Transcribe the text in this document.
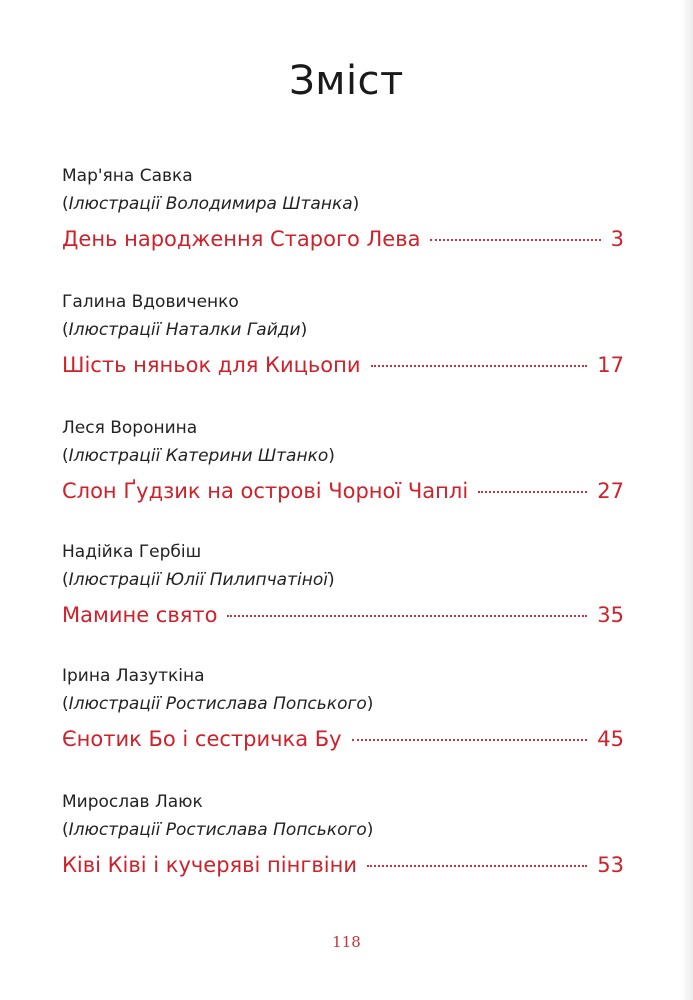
Зміст
Мар'яна Савка
(Ілюстрації Володимира Штанка)
День народження Старого Лева	3
Галина Вдовиченко
(Ілюстрації Наталки Гайди)
Шість няньок для Кицьопи	17
Леся Воронина
(Ілюстрації Катерини Штанко)
Слон Ґудзик на острові Чорної Чаплі	27
Надійка Гербіш
(Ілюстрації Юлії Пилипчатіної)
Мамине свято	35
Ірина Лазуткіна
(Ілюстрації Ростислава Попського)
Єнотик Бо і сестричка Бу	45
Мирослав Лаюк
(Ілюстрації Ростислава Попського)
Ківі Ківі і кучеряві пінгвіни	53
118
